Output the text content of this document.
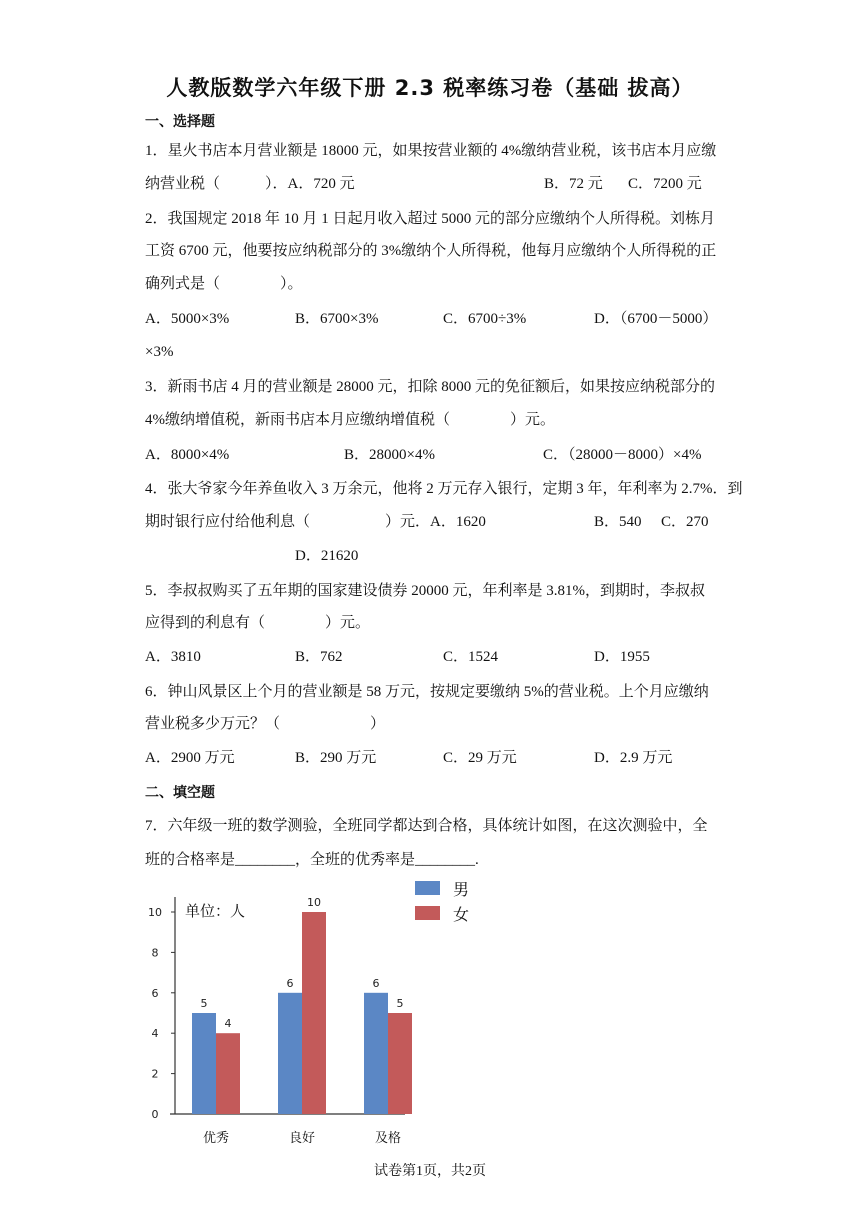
人教版数学六年级下册 2.3 税率练习卷（基础 拔高）
一、选择题
1．星火书店本月营业额是 18000 元，如果按营业额的 4%缴纳营业税，该书店本月应缴
纳营业税（　　　）．A．720 元	B．72 元 C．7200 元
2．我国规定 2018 年 10 月 1 日起月收入超过 5000 元的部分应缴纳个人所得税。刘栋月
工资 6700 元，他要按应纳税部分的 3%缴纳个人所得税，他每月应缴纳个人所得税的正
确列式是（　　　　）。
A．5000×3%	B．6700×3%	C．6700÷3%	D．（6700－5000）
×3%
3．新雨书店 4 月的营业额是 28000 元，扣除 8000 元的免征额后，如果按应纳税部分的
4%缴纳增值税，新雨书店本月应缴纳增值税（　　　　）元。
A．8000×4%	B．28000×4%	C．（28000－8000）×4%
4．张大爷家今年养鱼收入 3 万余元，他将 2 万元存入银行，定期 3 年，年利率为 2.7%．到
期时银行应付给他利息（　　　　　）元．A．1620	B．540 C．270
D．21620
5．李叔叔购买了五年期的国家建设债券 20000 元，年利率是 3.81%，到期时，李叔叔
应得到的利息有（　　　　）元。
A．3810	B．762	C．1524	D．1955
6．钟山风景区上个月的营业额是 58 万元，按规定要缴纳 5%的营业税。上个月应缴纳
营业税多少万元？（　　　　　　）
A．2900 万元	B．290 万元	C．29 万元	D．2.9 万元
二、填空题
7．六年级一班的数学测验，全班同学都达到合格，具体统计如图，在这次测验中，全
班的合格率是________，全班的优秀率是________.
0
2
4
6
8
10 单位：人
5
4
优秀
6
10
良好
6
5
及格
男
女
试卷第1页，共2页
